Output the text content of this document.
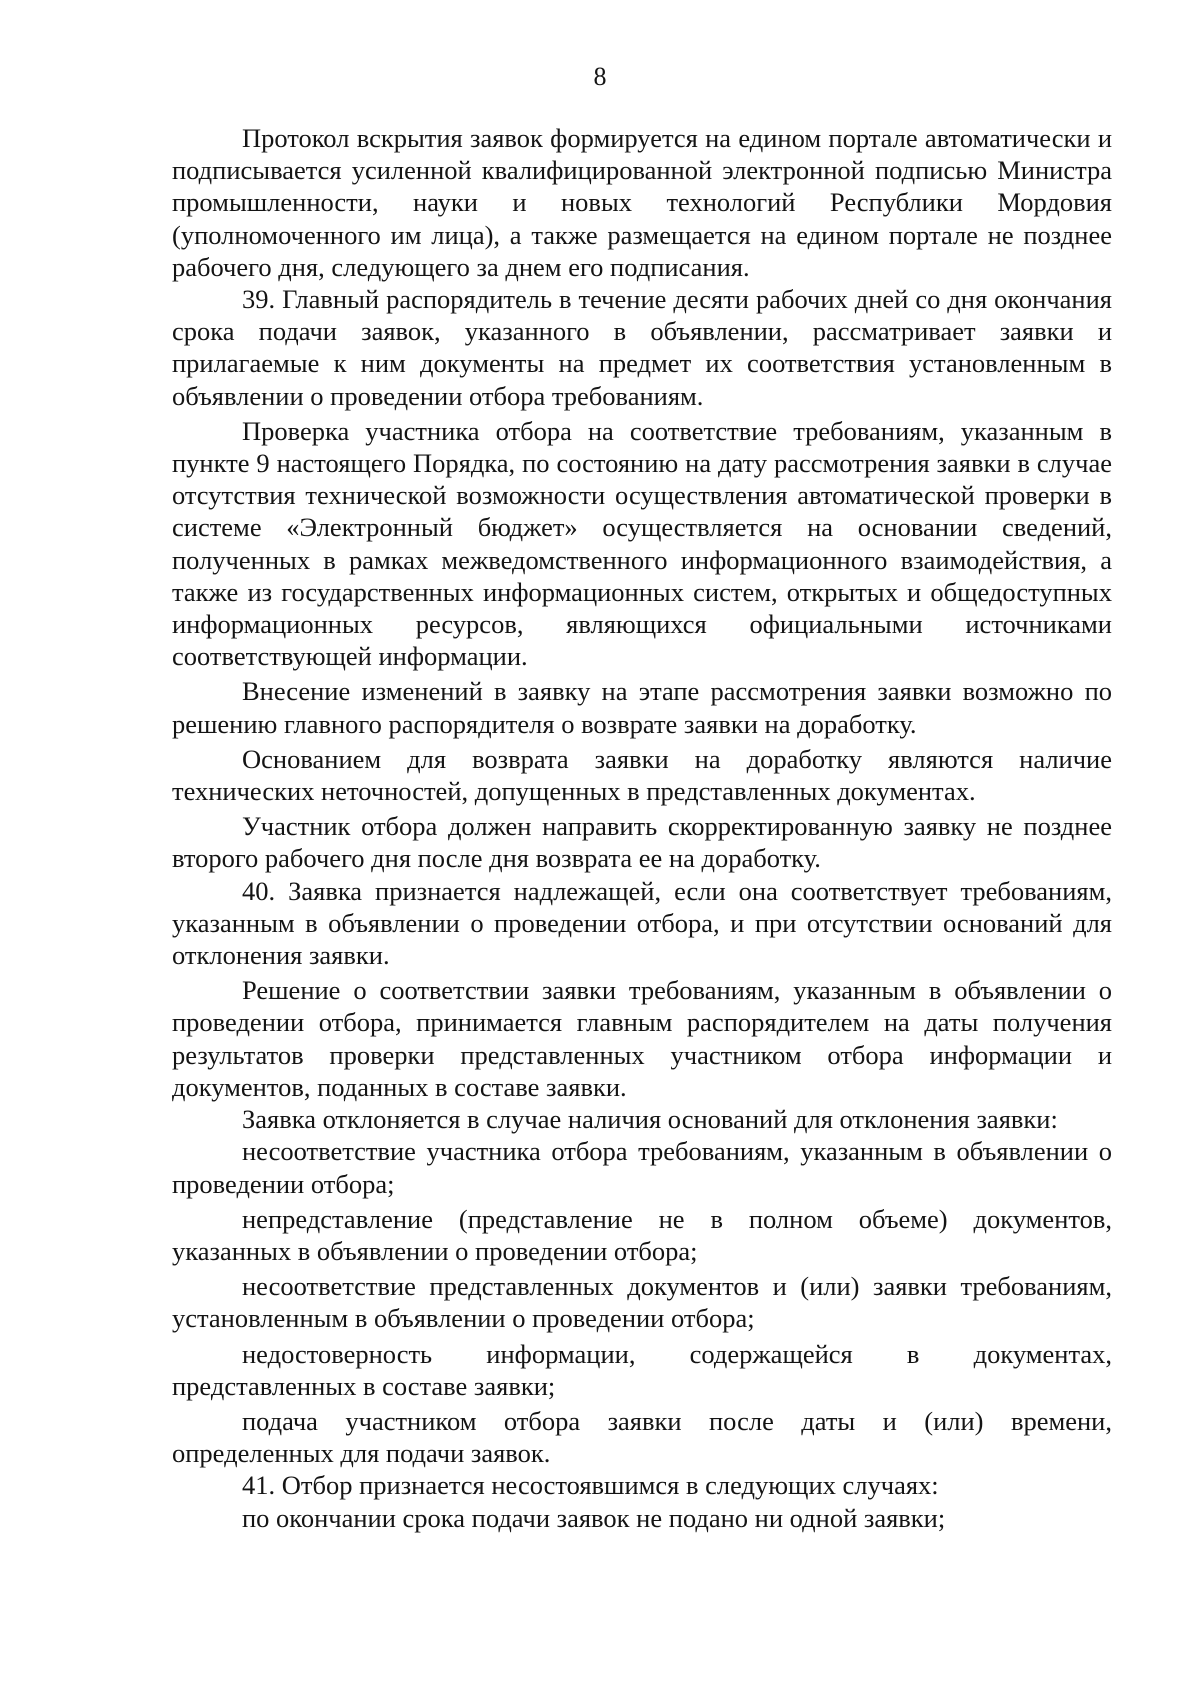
8

Протокол вскрытия заявок формируется на едином портале автоматически и подписывается усиленной квалифицированной электронной подписью Министра промышленности, науки и новых технологий Республики Мордовия (уполномоченного им лица), а также размещается на едином портале не позднее рабочего дня, следующего за днем его подписания.

39. Главный распорядитель в течение десяти рабочих дней со дня окончания срока подачи заявок, указанного в объявлении, рассматривает заявки и прилагаемые к ним документы на предмет их соответствия установленным в объявлении о проведении отбора требованиям.

Проверка участника отбора на соответствие требованиям, указанным в пункте 9 настоящего Порядка, по состоянию на дату рассмотрения заявки в случае отсутствия технической возможности осуществления автоматической проверки в системе «Электронный бюджет» осуществляется на основании сведений, полученных в рамках межведомственного информационного взаимодействия, а также из государственных информационных систем, открытых и общедоступных информационных ресурсов, являющихся официальными источниками соответствующей информации.

Внесение изменений в заявку на этапе рассмотрения заявки возможно по решению главного распорядителя о возврате заявки на доработку.

Основанием для возврата заявки на доработку являются наличие технических неточностей, допущенных в представленных документах.

Участник отбора должен направить скорректированную заявку не позднее второго рабочего дня после дня возврата ее на доработку.

40. Заявка признается надлежащей, если она соответствует требованиям, указанным в объявлении о проведении отбора, и при отсутствии оснований для отклонения заявки.

Решение о соответствии заявки требованиям, указанным в объявлении о проведении отбора, принимается главным распорядителем на даты получения результатов проверки представленных участником отбора информации и документов, поданных в составе заявки.

Заявка отклоняется в случае наличия оснований для отклонения заявки:

несоответствие участника отбора требованиям, указанным в объявлении о проведении отбора;

непредставление (представление не в полном объеме) документов, указанных в объявлении о проведении отбора;

несоответствие представленных документов и (или) заявки требованиям, установленным в объявлении о проведении отбора;

недостоверность информации, содержащейся в документах, представленных в составе заявки;

подача участником отбора заявки после даты и (или) времени, определенных для подачи заявок.

41. Отбор признается несостоявшимся в следующих случаях:

по окончании срока подачи заявок не подано ни одной заявки;
